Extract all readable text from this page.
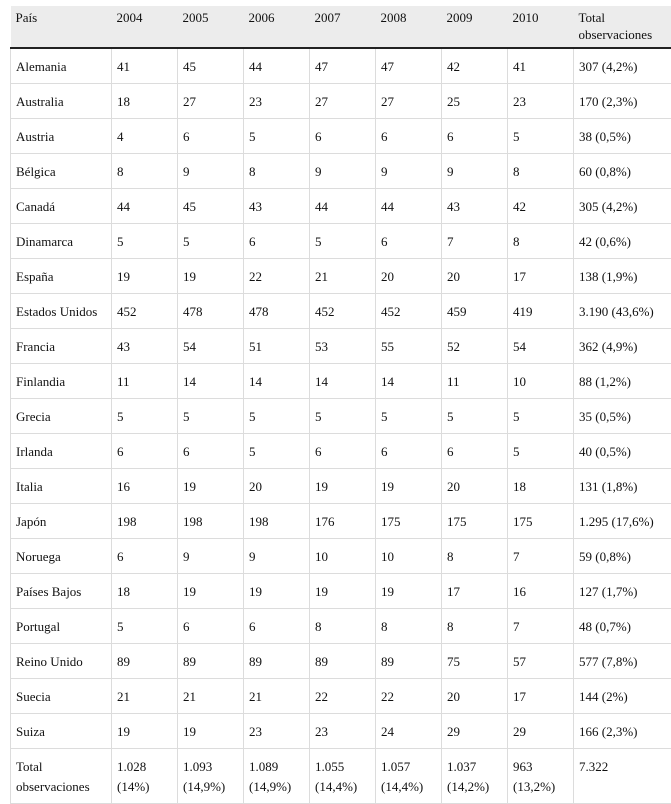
País	2004	2005	2006	2007	2008	2009	2010	Total observaciones
Alemania	41	45	44	47	47	42	41	307 (4,2%)
Australia	18	27	23	27	27	25	23	170 (2,3%)
Austria	4	6	5	6	6	6	5	38 (0,5%)
Bélgica	8	9	8	9	9	9	8	60 (0,8%)
Canadá	44	45	43	44	44	43	42	305 (4,2%)
Dinamarca	5	5	6	5	6	7	8	42 (0,6%)
España	19	19	22	21	20	20	17	138 (1,9%)
Estados Unidos	452	478	478	452	452	459	419	3.190 (43,6%)
Francia	43	54	51	53	55	52	54	362 (4,9%)
Finlandia	11	14	14	14	14	11	10	88 (1,2%)
Grecia	5	5	5	5	5	5	5	35 (0,5%)
Irlanda	6	6	5	6	6	6	5	40 (0,5%)
Italia	16	19	20	19	19	20	18	131 (1,8%)
Japón	198	198	198	176	175	175	175	1.295 (17,6%)
Noruega	6	9	9	10	10	8	7	59 (0,8%)
Países Bajos	18	19	19	19	19	17	16	127 (1,7%)
Portugal	5	6	6	8	8	8	7	48 (0,7%)
Reino Unido	89	89	89	89	89	75	57	577 (7,8%)
Suecia	21	21	21	22	22	20	17	144 (2%)
Suiza	19	19	23	23	24	29	29	166 (2,3%)
Total observaciones	1.028 (14%)	1.093 (14,9%)	1.089 (14,9%)	1.055 (14,4%)	1.057 (14,4%)	1.037 (14,2%)	963 (13,2%)	7.322
